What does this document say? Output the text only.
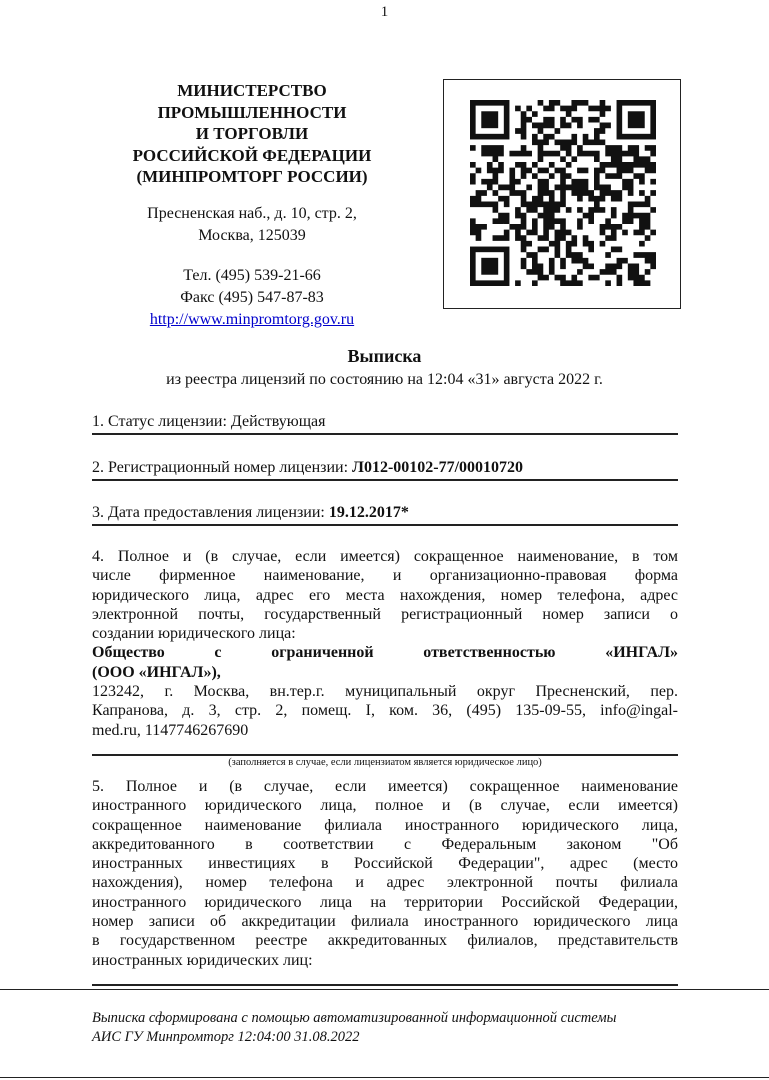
1
МИНИСТЕРСТВО
ПРОМЫШЛЕННОСТИ
И ТОРГОВЛИ
РОССИЙСКОЙ ФЕДЕРАЦИИ
(МИНПРОМТОРГ РОССИИ)
Пресненская наб., д. 10, стр. 2,
Москва, 125039
Тел. (495) 539-21-66
Факс (495) 547-87-83
http://www.minpromtorg.gov.ru
Выписка
из реестра лицензий по состоянию на 12:04 «31» августа 2022 г.
1. Статус лицензии: Действующая
2. Регистрационный номер лицензии: Л012-00102-77/00010720
3. Дата предоставления лицензии: 19.12.2017*
4. Полное и (в случае, если имеется) сокращенное наименование, в том
числе фирменное наименование, и организационно-правовая форма
юридического лица, адрес его места нахождения, номер телефона, адрес
электронной почты, государственный регистрационный номер записи о
создании юридического лица:
Общество с ограниченной ответственностью «ИНГАЛ»
(ООО «ИНГАЛ»),
123242, г. Москва, вн.тер.г. муниципальный округ Пресненский, пер.
Капранова, д. 3, стр. 2, помещ. I, ком. 36, (495) 135-09-55, info@ingal-
med.ru, 1147746267690
(заполняется в случае, если лицензиатом является юридическое лицо)
5. Полное и (в случае, если имеется) сокращенное наименование
иностранного юридического лица, полное и (в случае, если имеется)
сокращенное наименование филиала иностранного юридического лица,
аккредитованного в соответствии с Федеральным законом "Об
иностранных инвестициях в Российской Федерации", адрес (место
нахождения), номер телефона и адрес электронной почты филиала
иностранного юридического лица на территории Российской Федерации,
номер записи об аккредитации филиала иностранного юридического лица
в государственном реестре аккредитованных филиалов, представительств
иностранных юридических лиц:
Выписка сформирована с помощью автоматизированной информационной системы
АИС ГУ Минпромторг 12:04:00 31.08.2022
